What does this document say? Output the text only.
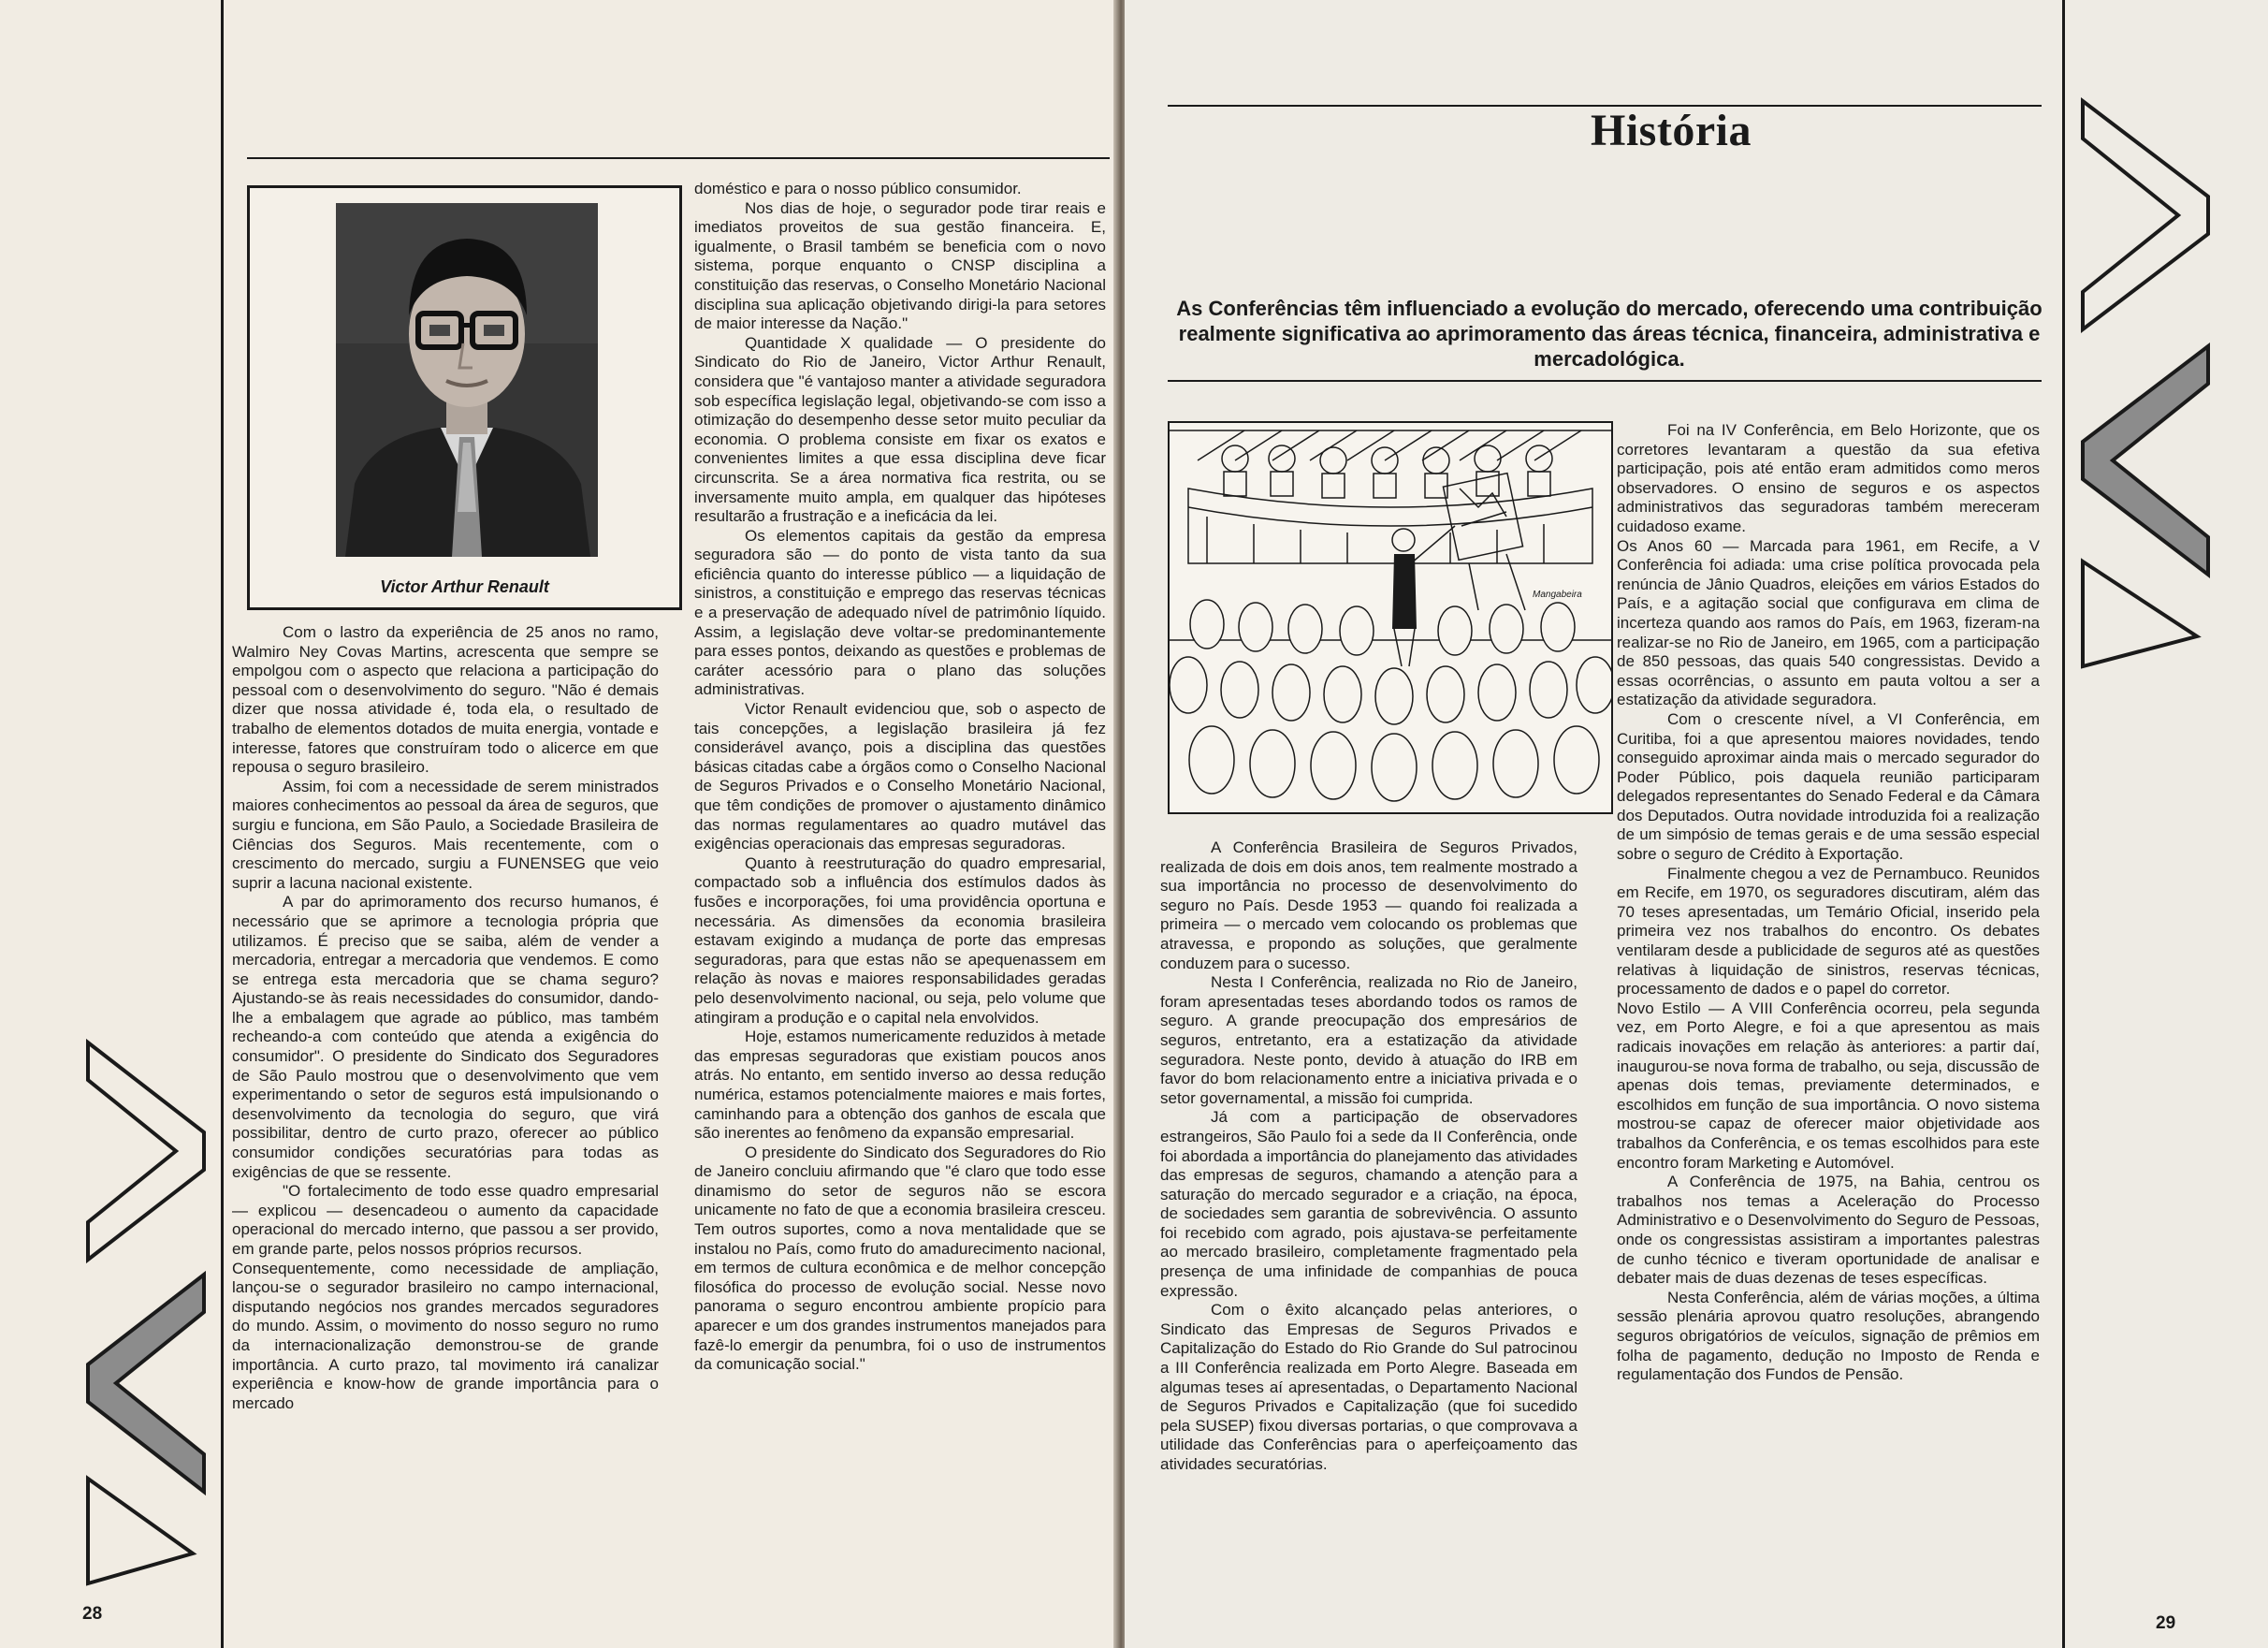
Victor Arthur Renault

Com o lastro da experiência de 25 anos no ramo, Walmiro Ney Covas Martins, acrescenta que sempre se empolgou com o aspecto que relaciona a participação do pessoal com o desenvolvimento do seguro. "Não é demais dizer que nossa atividade é, toda ela, o resultado de trabalho de elementos dotados de muita energia, vontade e interesse, fatores que construíram todo o alicerce em que repousa o seguro brasileiro.

Assim, foi com a necessidade de serem ministrados maiores conhecimentos ao pessoal da área de seguros, que surgiu e funciona, em São Paulo, a Sociedade Brasileira de Ciências dos Seguros. Mais recentemente, com o crescimento do mercado, surgiu a FUNENSEG que veio suprir a lacuna nacional existente.

A par do aprimoramento dos recurso humanos, é necessário que se aprimore a tecnologia própria que utilizamos. É preciso que se saiba, além de vender a mercadoria, entregar a mercadoria que vendemos. E como se entrega esta mercadoria que se chama seguro? Ajustando-se às reais necessidades do consumidor, dando-lhe a embalagem que agrade ao público, mas também recheando-a com conteúdo que atenda a exigência do consumidor". O presidente do Sindicato dos Seguradores de São Paulo mostrou que o desenvolvimento que vem experimentando o setor de seguros está impulsionando o desenvolvimento da tecnologia do seguro, que virá possibilitar, dentro de curto prazo, oferecer ao público consumidor condições securatórias para todas as exigências de que se ressente.

"O fortalecimento de todo esse quadro empresarial — explicou — desencadeou o aumento da capacidade operacional do mercado interno, que passou a ser provido, em grande parte, pelos nossos próprios recursos.

Consequentemente, como necessidade de ampliação, lançou-se o segurador brasileiro no campo internacional, disputando negócios nos grandes mercados seguradores do mundo. Assim, o movimento do nosso seguro no rumo da internacionalização demonstrou-se de grande importância. A curto prazo, tal movimento irá canalizar experiência e know-how de grande importância para o mercado

doméstico e para o nosso público consumidor.

Nos dias de hoje, o segurador pode tirar reais e imediatos proveitos de sua gestão financeira. E, igualmente, o Brasil também se beneficia com o novo sistema, porque enquanto o CNSP disciplina a constituição das reservas, o Conselho Monetário Nacional disciplina sua aplicação objetivando dirigi-la para setores de maior interesse da Nação."

Quantidade X qualidade — O presidente do Sindicato do Rio de Janeiro, Victor Arthur Renault, considera que "é vantajoso manter a atividade seguradora sob específica legislação legal, objetivando-se com isso a otimização do desempenho desse setor muito peculiar da economia. O problema consiste em fixar os exatos e convenientes limites a que essa disciplina deve ficar circunscrita. Se a área normativa fica restrita, ou se inversamente muito ampla, em qualquer das hipóteses resultarão a frustração e a ineficácia da lei.

Os elementos capitais da gestão da empresa seguradora são — do ponto de vista tanto da sua eficiência quanto do interesse público — a liquidação de sinistros, a constituição e emprego das reservas técnicas e a preservação de adequado nível de patrimônio líquido. Assim, a legislação deve voltar-se predominantemente para esses pontos, deixando as questões e problemas de caráter acessório para o plano das soluções administrativas.

Victor Renault evidenciou que, sob o aspecto de tais concepções, a legislação brasileira já fez considerável avanço, pois a disciplina das questões básicas citadas cabe a órgãos como o Conselho Nacional de Seguros Privados e o Conselho Monetário Nacional, que têm condições de promover o ajustamento dinâmico das normas regulamentares ao quadro mutável das exigências operacionais das empresas seguradoras.

Quanto à reestruturação do quadro empresarial, compactado sob a influência dos estímulos dados às fusões e incorporações, foi uma providência oportuna e necessária. As dimensões da economia brasileira estavam exigindo a mudança de porte das empresas seguradoras, para que estas não se apequenassem em relação às novas e maiores responsabilidades geradas pelo desenvolvimento nacional, ou seja, pelo volume que atingiram a produção e o capital nela envolvidos.

Hoje, estamos numericamente reduzidos à metade das empresas seguradoras que existiam poucos anos atrás. No entanto, em sentido inverso ao dessa redução numérica, estamos potencialmente maiores e mais fortes, caminhando para a obtenção dos ganhos de escala que são inerentes ao fenômeno da expansão empresarial.

O presidente do Sindicato dos Seguradores do Rio de Janeiro concluiu afirmando que "é claro que todo esse dinamismo do setor de seguros não se escora unicamente no fato de que a economia brasileira cresceu. Tem outros suportes, como a nova mentalidade que se instalou no País, como fruto do amadurecimento nacional, em termos de cultura econômica e de melhor concepção filosófica do processo de evolução social. Nesse novo panorama o seguro encontrou ambiente propício para aparecer e um dos grandes instrumentos manejados para fazê-lo emergir da penumbra, foi o uso de instrumentos da comunicação social."

28
História
As Conferências têm influenciado a evolução do mercado, oferecendo uma contribuição realmente significativa ao aprimoramento das áreas técnica, financeira, administrativa e mercadológica.
Mangabeira

A Conferência Brasileira de Seguros Privados, realizada de dois em dois anos, tem realmente mostrado a sua importância no processo de desenvolvimento do seguro no País. Desde 1953 — quando foi realizada a primeira — o mercado vem colocando os problemas que atravessa, e propondo as soluções, que geralmente conduzem para o sucesso.

Nesta I Conferência, realizada no Rio de Janeiro, foram apresentadas teses abordando todos os ramos de seguro. A grande preocupação dos empresários de seguros, entretanto, era a estatização da atividade seguradora. Neste ponto, devido à atuação do IRB em favor do bom relacionamento entre a iniciativa privada e o setor governamental, a missão foi cumprida.

Já com a participação de observadores estrangeiros, São Paulo foi a sede da II Conferência, onde foi abordada a importância do planejamento das atividades das empresas de seguros, chamando a atenção para a saturação do mercado segurador e a criação, na época, de sociedades sem garantia de sobrevivência. O assunto foi recebido com agrado, pois ajustava-se perfeitamente ao mercado brasileiro, completamente fragmentado pela presença de uma infinidade de companhias de pouca expressão.

Com o êxito alcançado pelas anteriores, o Sindicato das Empresas de Seguros Privados e Capitalização do Estado do Rio Grande do Sul patrocinou a III Conferência realizada em Porto Alegre. Baseada em algumas teses aí apresentadas, o Departamento Nacional de Seguros Privados e Capitalização (que foi sucedido pela SUSEP) fixou diversas portarias, o que comprovava a utilidade das Conferências para o aperfeiçoamento das atividades securatórias.

Foi na IV Conferência, em Belo Horizonte, que os corretores levantaram a questão da sua efetiva participação, pois até então eram admitidos como meros observadores. O ensino de seguros e os aspectos administrativos das seguradoras também mereceram cuidadoso exame.

Os Anos 60 — Marcada para 1961, em Recife, a V Conferência foi adiada: uma crise política provocada pela renúncia de Jânio Quadros, eleições em vários Estados do País, e a agitação social que configurava em clima de incerteza quando aos ramos do País, em 1963, fizeram-na realizar-se no Rio de Janeiro, em 1965, com a participação de 850 pessoas, das quais 540 congressistas. Devido a essas ocorrências, o assunto em pauta voltou a ser a estatização da atividade seguradora.

Com o crescente nível, a VI Conferência, em Curitiba, foi a que apresentou maiores novidades, tendo conseguido aproximar ainda mais o mercado segurador do Poder Público, pois daquela reunião participaram delegados representantes do Senado Federal e da Câmara dos Deputados. Outra novidade introduzida foi a realização de um simpósio de temas gerais e de uma sessão especial sobre o seguro de Crédito à Exportação.

Finalmente chegou a vez de Pernambuco. Reunidos em Recife, em 1970, os seguradores discutiram, além das 70 teses apresentadas, um Temário Oficial, inserido pela primeira vez nos trabalhos do encontro. Os debates ventilaram desde a publicidade de seguros até as questões relativas à liquidação de sinistros, reservas técnicas, processamento de dados e o papel do corretor.

Novo Estilo — A VIII Conferência ocorreu, pela segunda vez, em Porto Alegre, e foi a que apresentou as mais radicais inovações em relação às anteriores: a partir daí, inaugurou-se nova forma de trabalho, ou seja, discussão de apenas dois temas, previamente determinados, e escolhidos em função de sua importância. O novo sistema mostrou-se capaz de oferecer maior objetividade aos trabalhos da Conferência, e os temas escolhidos para este encontro foram Marketing e Automóvel.

A Conferência de 1975, na Bahia, centrou os trabalhos nos temas a Aceleração do Processo Administrativo e o Desenvolvimento do Seguro de Pessoas, onde os congressistas assistiram a importantes palestras de cunho técnico e tiveram oportunidade de analisar e debater mais de duas dezenas de teses específicas.

Nesta Conferência, além de várias moções, a última sessão plenária aprovou quatro resoluções, abrangendo seguros obrigatórios de veículos, signação de prêmios em folha de pagamento, dedução no Imposto de Renda e regulamentação dos Fundos de Pensão.

29
